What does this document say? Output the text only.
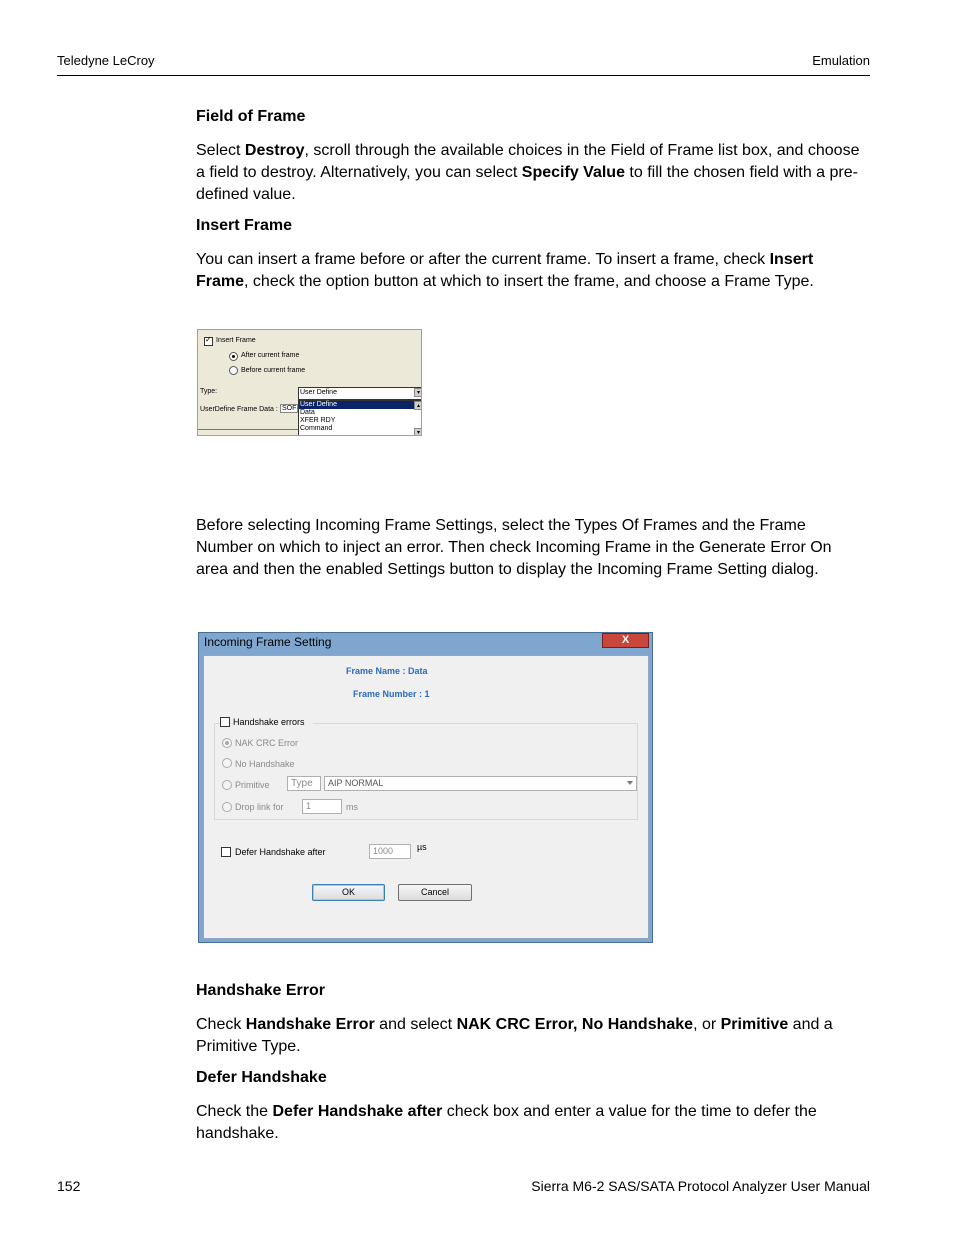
Teledyne LeCroy	Emulation
Field of Frame
Select Destroy, scroll through the available choices in the Field of Frame list box, and choose a field to destroy. Alternatively, you can select Specify Value to fill the chosen field with a pre-defined value.
Insert Frame
You can insert a frame before or after the current frame. To insert a frame, check Insert Frame, check the option button at which to insert the frame, and choose a Frame Type.
✓ Insert Frame
After current frame
Before current frame
Type:	User Define	▾
UserDefine Frame Data : SOF
User Define
Data
XFER RDY
Command
▴
▾
Before selecting Incoming Frame Settings, select the Types Of Frames and the Frame Number on which to inject an error. Then check Incoming Frame in the Generate Error On area and then the enabled Settings button to display the Incoming Frame Setting dialog.
Incoming Frame Setting	X
Frame Name : Data
Frame Number : 1
Handshake errors
NAK CRC Error
No Handshake
Primitive	Type	AIP NORMAL
Drop link for	1	ms
Defer Handshake after	1000	µs
OK	Cancel
Handshake Error
Check Handshake Error and select NAK CRC Error, No Handshake, or Primitive and a Primitive Type.
Defer Handshake
Check the Defer Handshake after check box and enter a value for the time to defer the handshake.
152	Sierra M6-2 SAS/SATA Protocol Analyzer User Manual
